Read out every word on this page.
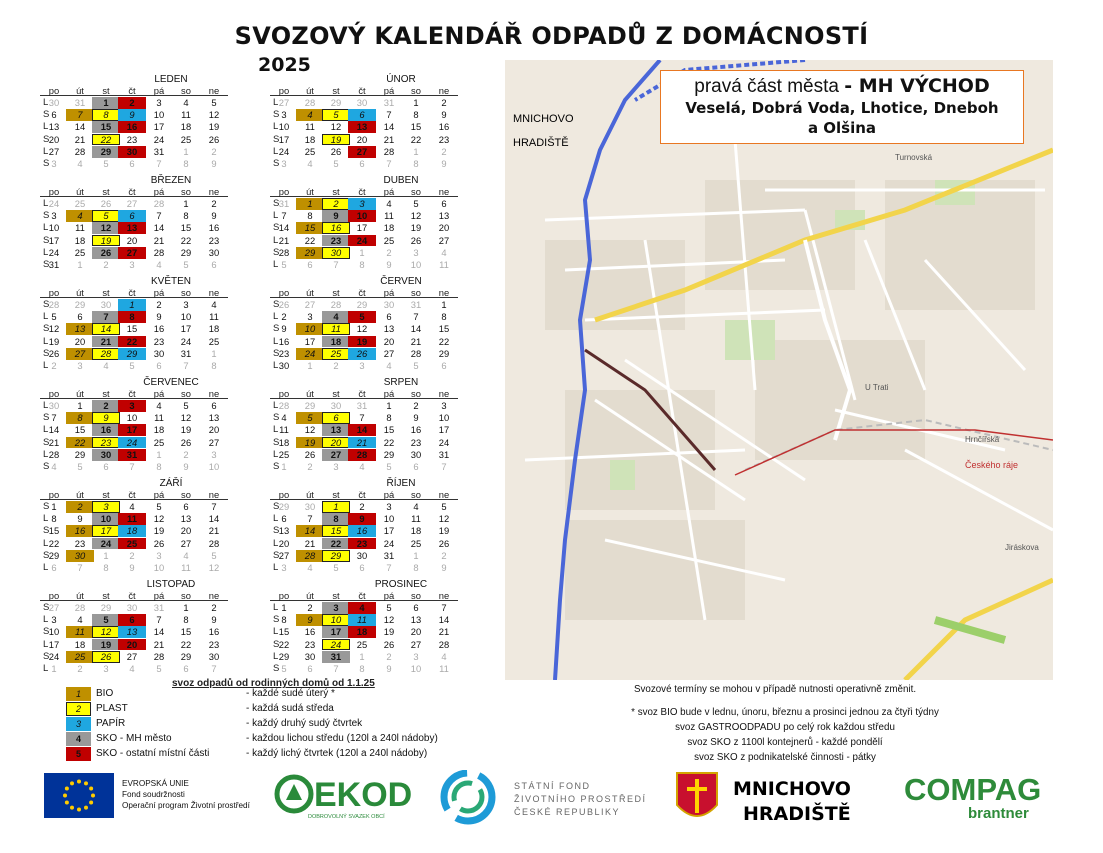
SVOZOVÝ KALENDÁŘ ODPADŮ Z DOMÁCNOSTÍ
2025
LEDEN
po	út	st	čt	pá	so	ne
L 30	31	1	2	3	4	5
S 6	7	8	9	10	11	12
L 13	14	15	16	17	18	19
S 20	21	22	23	24	25	26
L 27	28	29	30	31	1	2
S 3	4	5	6	7	8	9
ÚNOR
po	út	st	čt	pá	so	ne
L 27	28	29	30	31	1	2
S 3	4	5	6	7	8	9
L 10	11	12	13	14	15	16
S 17	18	19	20	21	22	23
L 24	25	26	27	28	1	2
S 3	4	5	6	7	8	9
BŘEZEN
po	út	st	čt	pá	so	ne
L 24	25	26	27	28	1	2
S 3	4	5	6	7	8	9
L 10	11	12	13	14	15	16
S 17	18	19	20	21	22	23
L 24	25	26	27	28	29	30
S 31	1	2	3	4	5	6
DUBEN
po	út	st	čt	pá	so	ne
S 31	1	2	3	4	5	6
L 7	8	9	10	11	12	13
S 14	15	16	17	18	19	20
L 21	22	23	24	25	26	27
S 28	29	30	1	2	3	4
L 5	6	7	8	9	10	11
KVĚTEN
po	út	st	čt	pá	so	ne
S 28	29	30	1	2	3	4
L 5	6	7	8	9	10	11
S 12	13	14	15	16	17	18
L 19	20	21	22	23	24	25
S 26	27	28	29	30	31	1
L 2	3	4	5	6	7	8
ČERVEN
po	út	st	čt	pá	so	ne
S 26	27	28	29	30	31	1
L 2	3	4	5	6	7	8
S 9	10	11	12	13	14	15
L 16	17	18	19	20	21	22
S 23	24	25	26	27	28	29
L 30	1	2	3	4	5	6
ČERVENEC
po	út	st	čt	pá	so	ne
L 30	1	2	3	4	5	6
S 7	8	9	10	11	12	13
L 14	15	16	17	18	19	20
S 21	22	23	24	25	26	27
L 28	29	30	31	1	2	3
S 4	5	6	7	8	9	10
SRPEN
po	út	st	čt	pá	so	ne
L 28	29	30	31	1	2	3
S 4	5	6	7	8	9	10
L 11	12	13	14	15	16	17
S 18	19	20	21	22	23	24
L 25	26	27	28	29	30	31
S 1	2	3	4	5	6	7
ZÁŘÍ
po	út	st	čt	pá	so	ne
S 1	2	3	4	5	6	7
L 8	9	10	11	12	13	14
S 15	16	17	18	19	20	21
L 22	23	24	25	26	27	28
S 29	30	1	2	3	4	5
L 6	7	8	9	10	11	12
ŘÍJEN
po	út	st	čt	pá	so	ne
S 29	30	1	2	3	4	5
L 6	7	8	9	10	11	12
S 13	14	15	16	17	18	19
L 20	21	22	23	24	25	26
S 27	28	29	30	31	1	2
L 3	4	5	6	7	8	9
LISTOPAD
po	út	st	čt	pá	so	ne
S 27	28	29	30	31	1	2
L 3	4	5	6	7	8	9
S 10	11	12	13	14	15	16
L 17	18	19	20	21	22	23
S 24	25	26	27	28	29	30
L 1	2	3	4	5	6	7
PROSINEC
po	út	st	čt	pá	so	ne
L 1	2	3	4	5	6	7
S 8	9	10	11	12	13	14
L 15	16	17	18	19	20	21
S 22	23	24	25	26	27	28
L 29	30	31	1	2	3	4
S 5	6	7	8	9	10	11
MNICHOVO
HRADIŠTĚ
Turnovská
Hrnčířská
Českého ráje
Jiráskova
U Trati
pravá část města - MH VÝCHOD
Veselá, Dobrá Voda, Lhotice, Dneboh
a Olšina
svoz odpadů od rodinných domů od 1.1.25
1	BIO	- každé sudé úterý *
2	PLAST	- každá sudá středa
3	PAPÍR	- každý druhý sudý čtvrtek
4	SKO - MH město	- každou lichou středu (120l a 240l nádoby)
5	SKO - ostatní místní části	- každý lichý čtvrtek (120l a 240l nádoby)
Svozové termíny se mohou v případě nutnosti operativně změnit.
* svoz BIO bude v lednu, únoru, březnu a prosinci jednou za čtyři týdny
svoz GASTROODPADU po celý rok každou středu
svoz SKO z 1100l kontejnerů - každé pondělí
svoz SKO z podnikatelské činnosti - pátky
EVROPSKÁ UNIE
Fond soudržnosti
Operační program Životní prostředí EKOD
DOBROVOLNÝ SVAZEK OBCÍ
STÁTNÍ FOND
ŽIVOTNÍHO PROSTŘEDÍ
ČESKÉ REPUBLIKY
MNICHOVO
HRADIŠTĚ
COMPAG
brantner
